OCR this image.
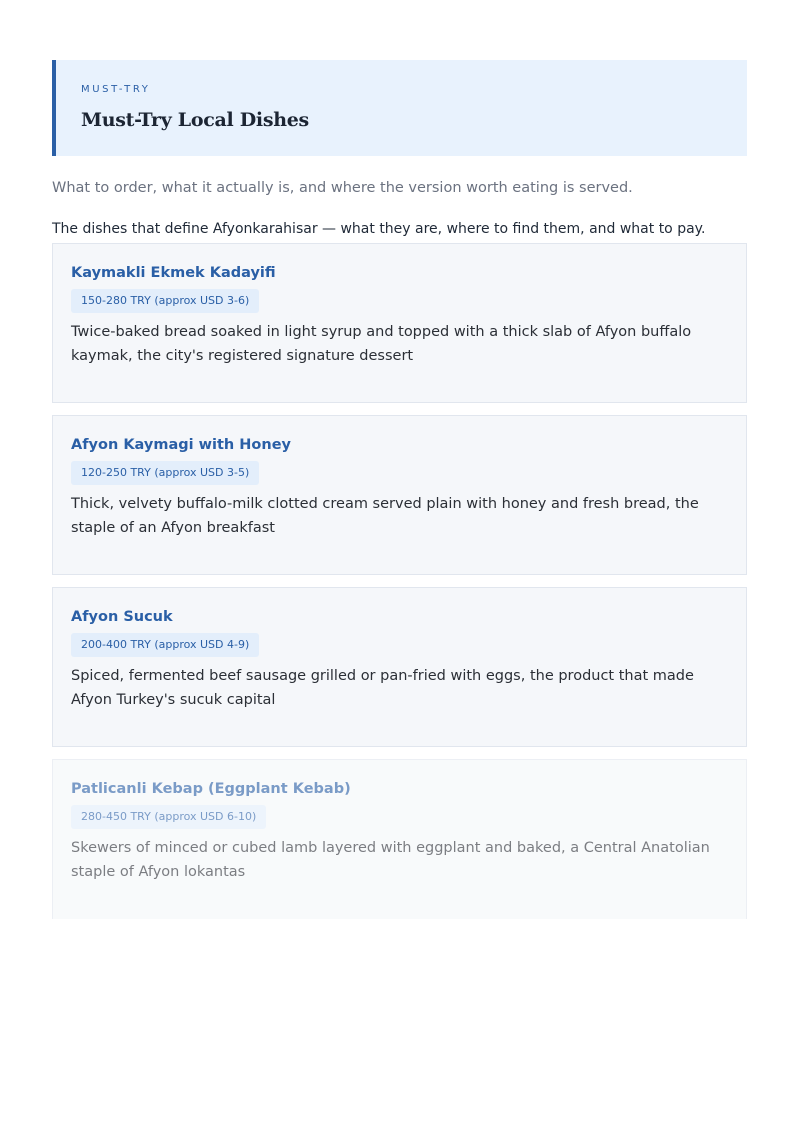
MUST-TRY
Must-Try Local Dishes
What to order, what it actually is, and where the version worth eating is served.
The dishes that define Afyonkarahisar — what they are, where to find them, and what to pay.
Kaymakli Ekmek Kadayifi
150-280 TRY (approx USD 3-6)
Twice-baked bread soaked in light syrup and topped with a thick slab of Afyon buffalo kaymak, the city's registered signature dessert
Afyon Kaymagi with Honey
120-250 TRY (approx USD 3-5)
Thick, velvety buffalo-milk clotted cream served plain with honey and fresh bread, the staple of an Afyon breakfast
Afyon Sucuk
200-400 TRY (approx USD 4-9)
Spiced, fermented beef sausage grilled or pan-fried with eggs, the product that made Afyon Turkey's sucuk capital
Patlicanli Kebap (Eggplant Kebab)
280-450 TRY (approx USD 6-10)
Skewers of minced or cubed lamb layered with eggplant and baked, a Central Anatolian staple of Afyon lokantas
